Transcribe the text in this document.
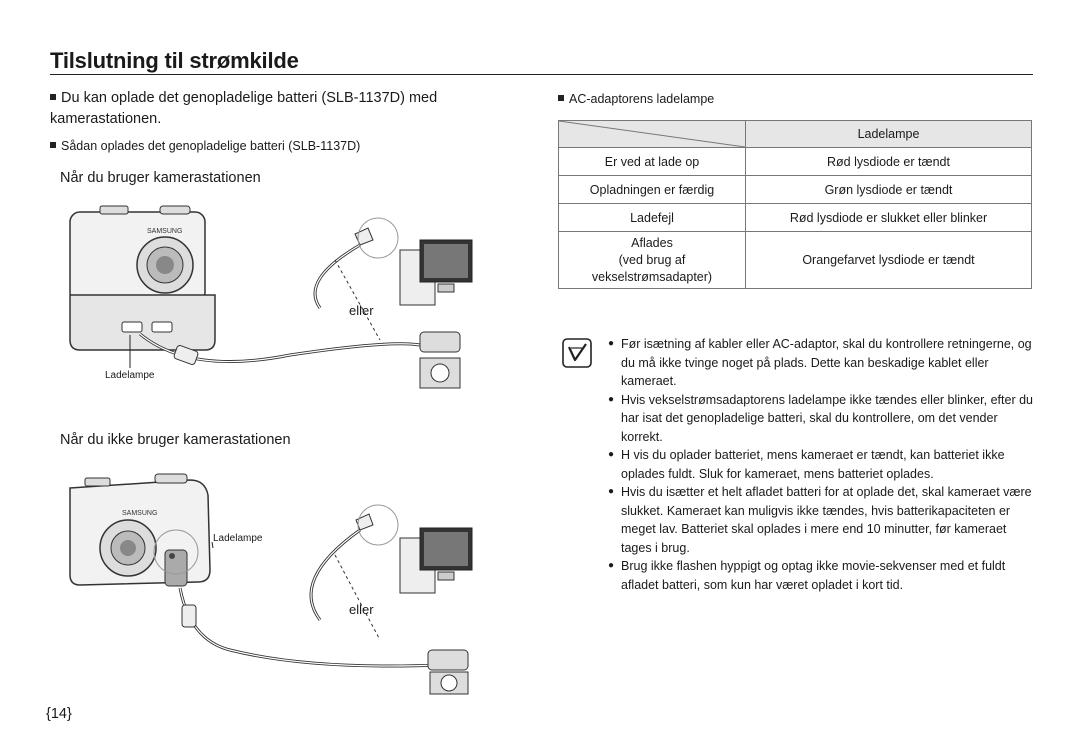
Tilslutning til strømkilde
Du kan oplade det genopladelige batteri (SLB-1137D) med kamerastationen.
Sådan oplades det genopladelige batteri (SLB-1137D)
Når du bruger kamerastationen
SAMSUNG
eller
Ladelampe
Når du ikke bruger kamerastationen
SAMSUNG
Ladelampe
eller
{14}
AC-adaptorens ladelampe
	Ladelampe
Er ved at lade op	Rød lysdiode er tændt
Opladningen er færdig	Grøn lysdiode er tændt
Ladefejl	Rød lysdiode er slukket eller blinker

Aflades
(ved brug af
vekselstrømsadapter)	Orangefarvet lysdiode er tændt
● Før isætning af kabler eller AC-adaptor, skal du kontrollere retningerne, og du må ikke tvinge noget på plads. Dette kan beskadige kablet eller kameraet.
● Hvis vekselstrømsadaptorens ladelampe ikke tændes eller blinker, efter du har isat det genopladelige batteri, skal du kontrollere, om det vender korrekt.
● H vis du oplader batteriet, mens kameraet er tændt, kan batteriet ikke oplades fuldt. Sluk for kameraet, mens batteriet oplades.
● Hvis du isætter et helt afladet batteri for at oplade det, skal kameraet være slukket. Kameraet kan muligvis ikke tændes, hvis batterikapaciteten er meget lav. Batteriet skal oplades i mere end 10 minutter, før kameraet tages i brug.
● Brug ikke flashen hyppigt og optag ikke movie-sekvenser med et fuldt afladet batteri, som kun har været opladet i kort tid.
